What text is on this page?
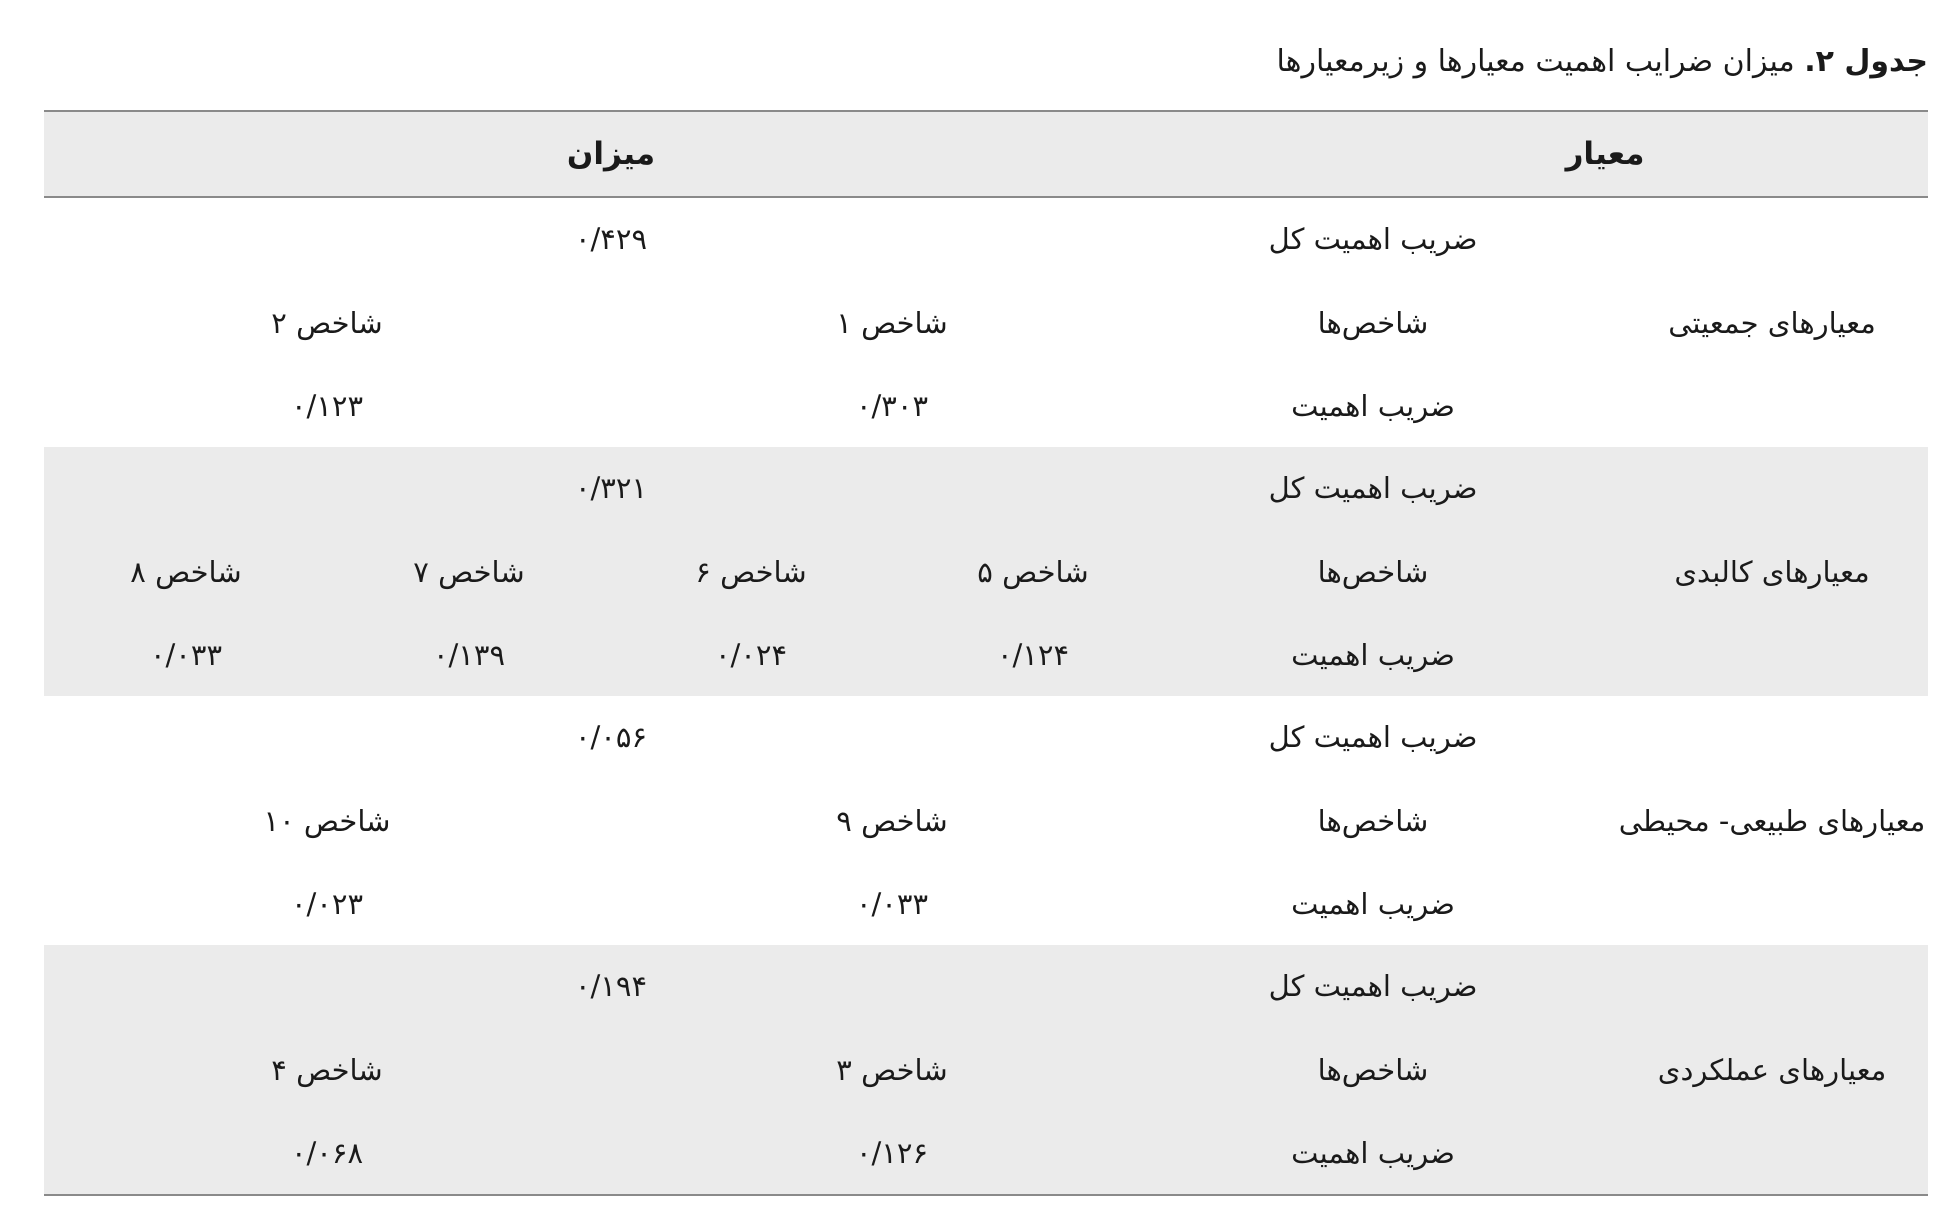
جدول ۲. میزان ضرایب اهمیت معیارها و زیرمعیارها
معیار
میزان
معیارهای جمعیتی
ضریب اهمیت کل
۰/۴۲۹
شاخص‌ها
ضریب اهمیت
شاخص ۱
۰/۳۰۳
شاخص ۲
۰/۱۲۳
معیارهای کالبدی
ضریب اهمیت کل
۰/۳۲۱
شاخص‌ها
ضریب اهمیت
شاخص ۵
۰/۱۲۴
شاخص ۶
۰/۰۲۴
شاخص ۷
۰/۱۳۹
شاخص ۸
۰/۰۳۳
معیارهای طبیعی- محیطی
ضریب اهمیت کل
۰/۰۵۶
شاخص‌ها
ضریب اهمیت
شاخص ۹
۰/۰۳۳
شاخص ۱۰
۰/۰۲۳
معیارهای عملکردی
ضریب اهمیت کل
۰/۱۹۴
شاخص‌ها
ضریب اهمیت
شاخص ۳
۰/۱۲۶
شاخص ۴
۰/۰۶۸
